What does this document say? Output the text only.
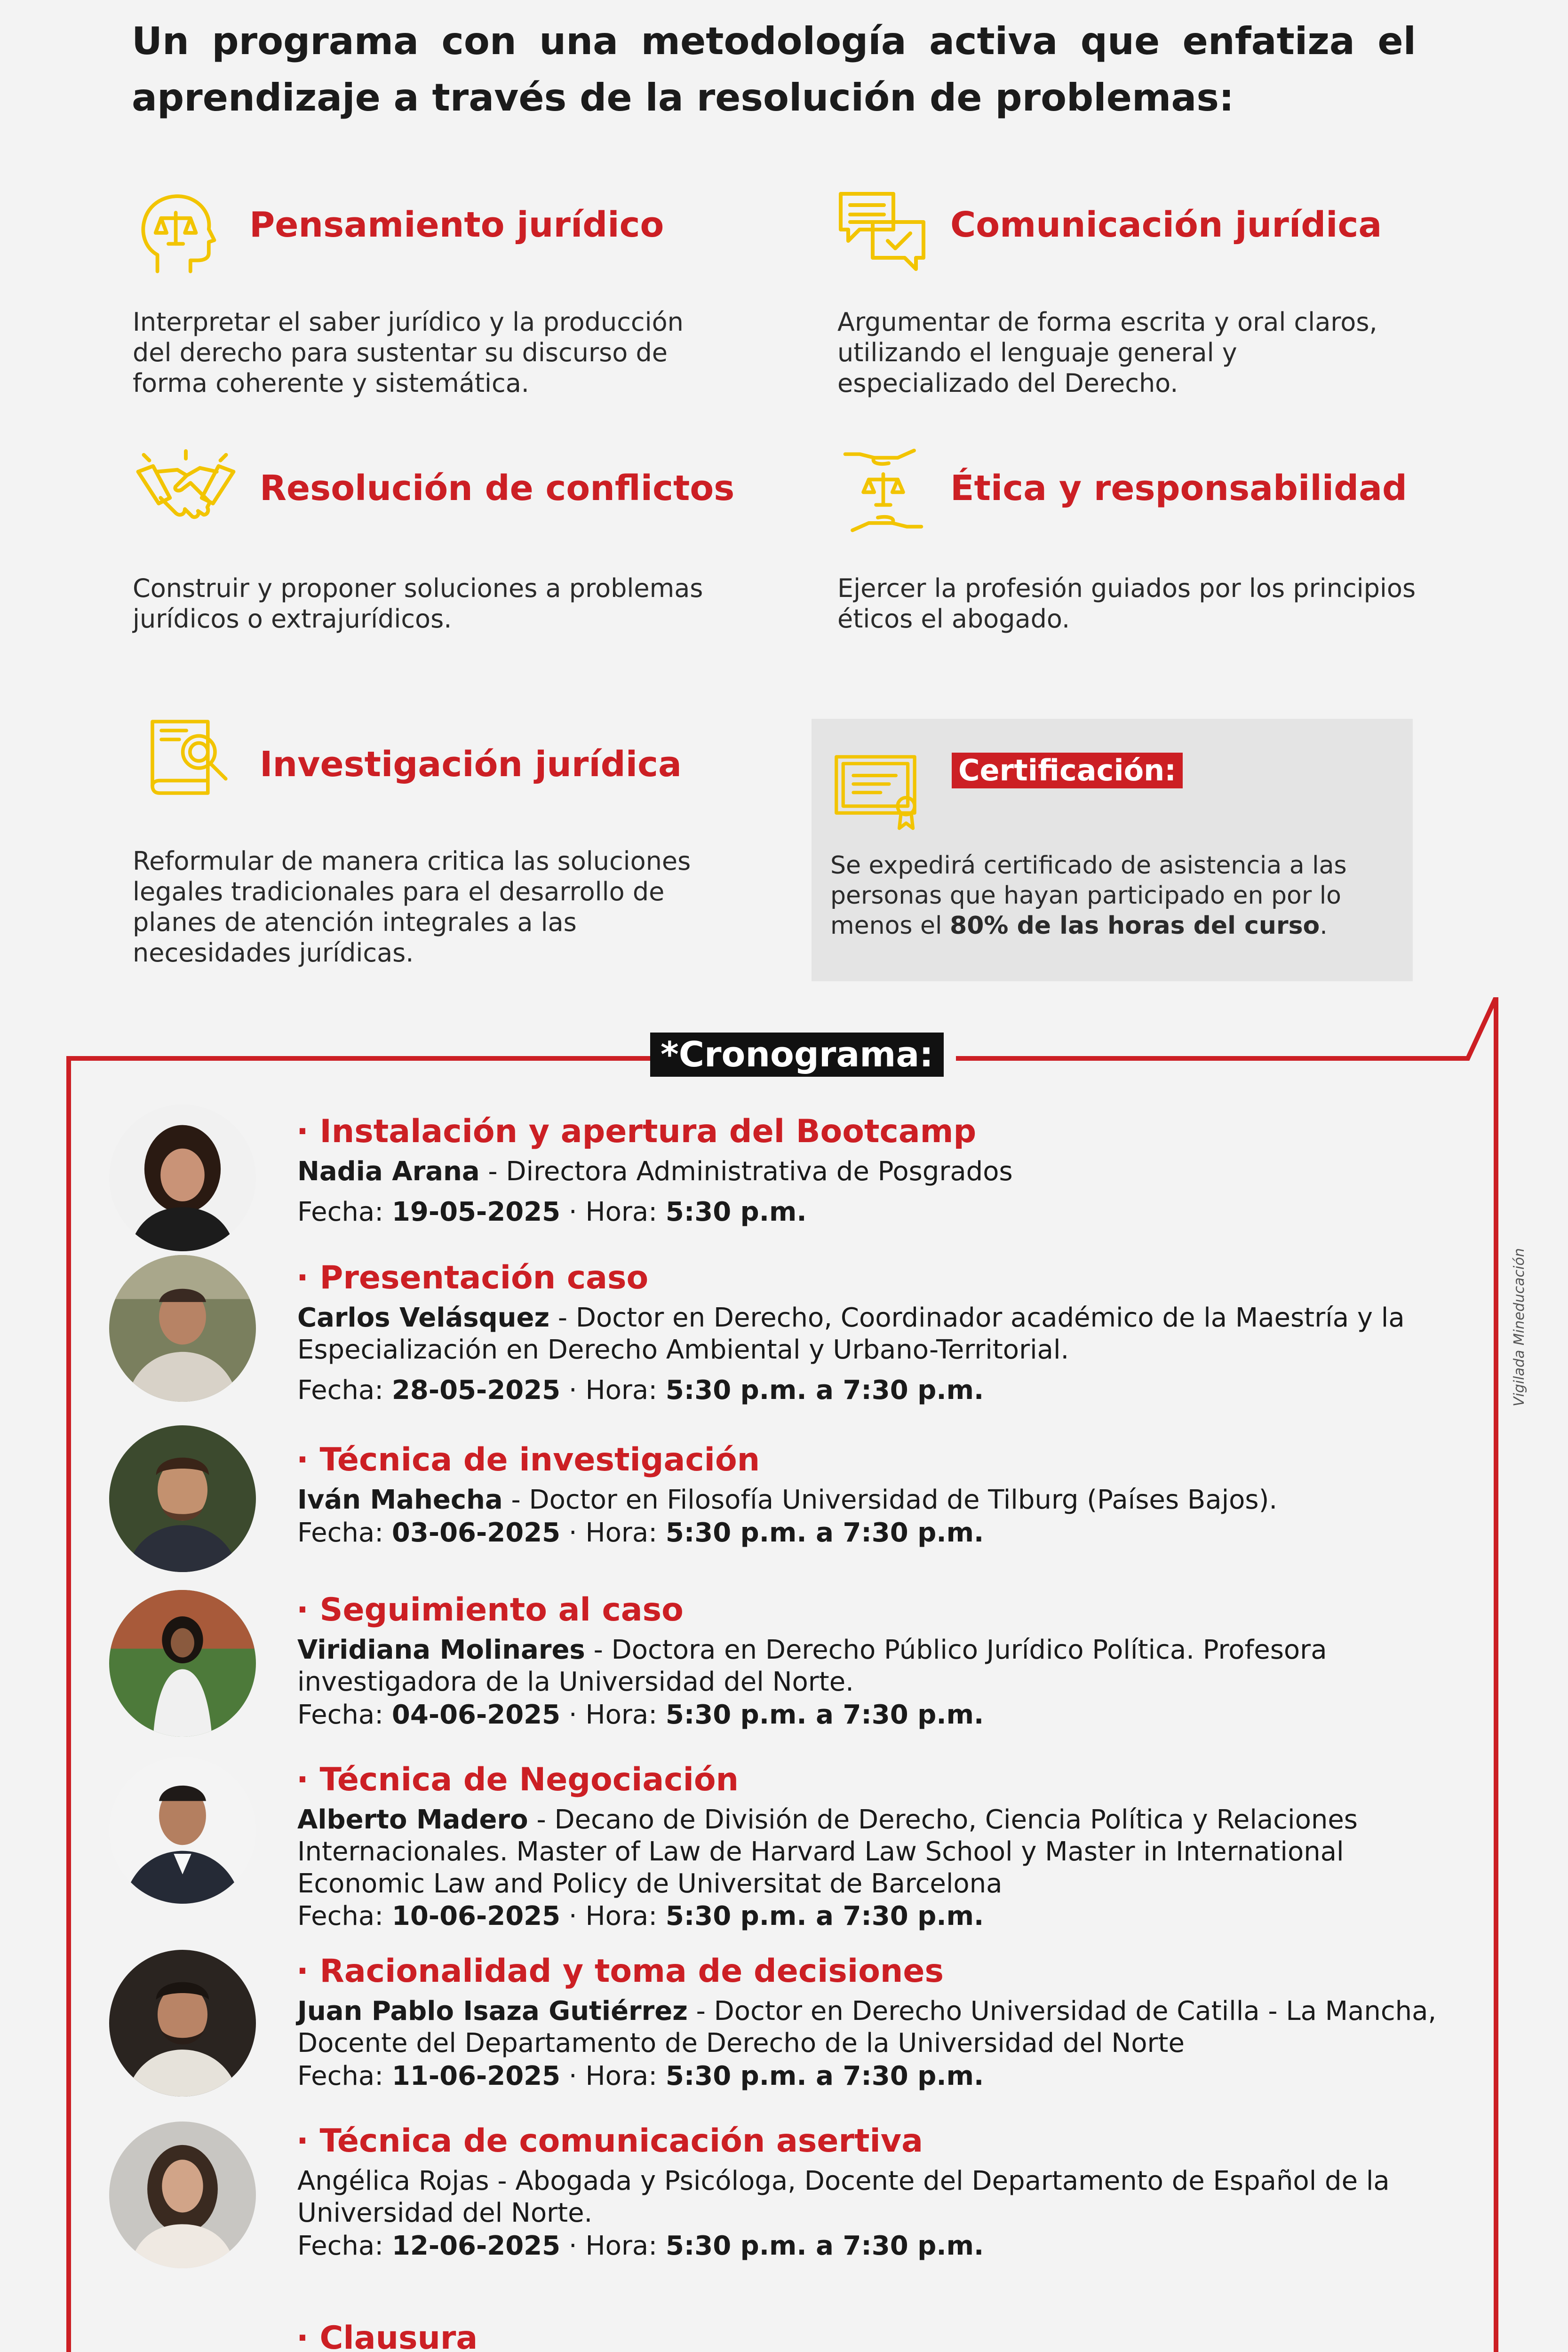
Un programa con una metodología activa que enfatiza el
aprendizaje a través de la resolución de problemas:
Pensamiento jurídico
Interpretar el saber jurídico y la producción del derecho para sustentar su discurso de forma coherente y sistemática.
Comunicación jurídica
Argumentar de forma escrita y oral claros, utilizando el lenguaje general y especializado del Derecho.
Resolución de conflictos
Construir y proponer soluciones a problemas jurídicos o extrajurídicos.
Ética y responsabilidad
Ejercer la profesión guiados por los principios éticos el abogado.
Investigación jurídica
Reformular de manera critica las soluciones legales tradicionales para el desarrollo de planes de atención integrales a las necesidades jurídicas.
Certificación:
Se expedirá certificado de asistencia a las personas que hayan participado en por lo menos el 80% de las horas del curso.
*Cronograma:
· Instalación y apertura del Bootcamp
Nadia Arana - Directora Administrativa de Posgrados
Fecha: 19-05-2025 · Hora: 5:30 p.m.
· Presentación caso
Carlos Velásquez - Doctor en Derecho, Coordinador académico de la Maestría y la Especialización en Derecho Ambiental y Urbano-Territorial.
Fecha: 28-05-2025 · Hora: 5:30 p.m. a 7:30 p.m.
· Técnica de investigación
Iván Mahecha - Doctor en Filosofía Universidad de Tilburg (Países Bajos).
Fecha: 03-06-2025 · Hora: 5:30 p.m. a 7:30 p.m.
· Seguimiento al caso
Viridiana Molinares - Doctora en Derecho Público Jurídico Política. Profesora investigadora de la Universidad del Norte.
Fecha: 04-06-2025 · Hora: 5:30 p.m. a 7:30 p.m.
· Técnica de Negociación
Alberto Madero - Decano de División de Derecho, Ciencia Política y Relaciones Internacionales. Master of Law de Harvard Law School y Master in International Economic Law and Policy de Universitat de Barcelona
Fecha: 10-06-2025 · Hora: 5:30 p.m. a 7:30 p.m.
· Racionalidad y toma de decisiones
Juan Pablo Isaza Gutiérrez - Doctor en Derecho Universidad de Catilla - La Mancha, Docente del Departamento de Derecho de la Universidad del Norte
Fecha: 11-06-2025 · Hora: 5:30 p.m. a 7:30 p.m.
· Técnica de comunicación asertiva
Angélica Rojas - Abogada y Psicóloga, Docente del Departamento de Español de la Universidad del Norte.
Fecha: 12-06-2025 · Hora: 5:30 p.m. a 7:30 p.m.
· Clausura
Vigilada Mineducación
